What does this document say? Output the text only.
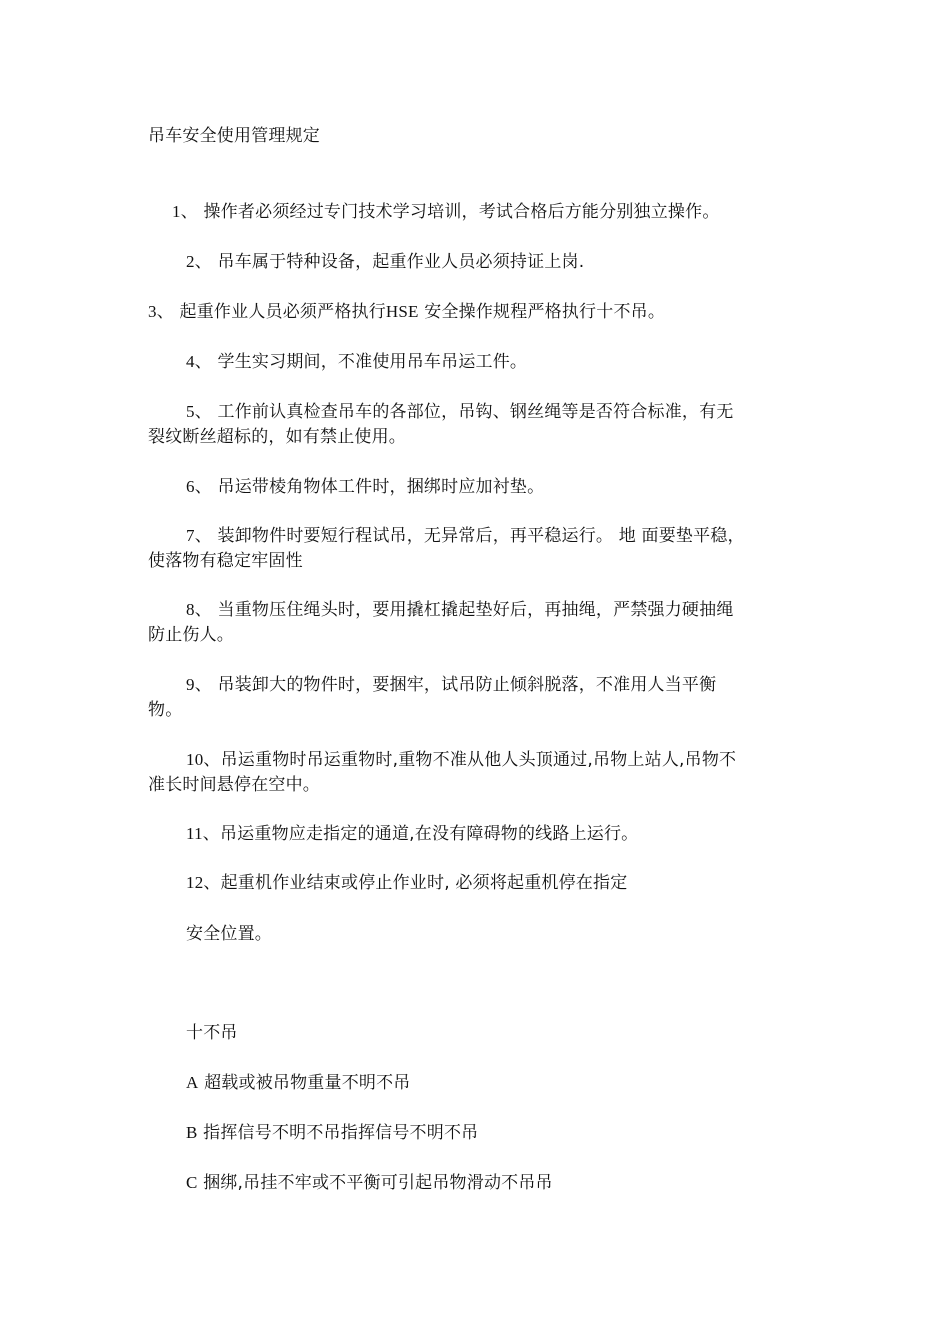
吊车安全使用管理规定
1、 操作者必须经过专门技术学习培训，考试合格后方能分别独立操作。
2、 吊车属于特种设备，起重作业人员必须持证上岗.
3、 起重作业人员必须严格执行HSE 安全操作规程严格执行十不吊。
4、 学生实习期间，不准使用吊车吊运工件。
5、 工作前认真检查吊车的各部位，吊钩、钢丝绳等是否符合标准，有无
裂纹断丝超标的，如有禁止使用。
6、 吊运带棱角物体工件时，捆绑时应加衬垫。
7、 装卸物件时要短行程试吊，无异常后，再平稳运行。 地 面要垫平稳，
使落物有稳定牢固性
8、 当重物压住绳头时，要用撬杠撬起垫好后，再抽绳，严禁强力硬抽绳
防止伤人。
9、 吊装卸大的物件时，要捆牢，试吊防止倾斜脱落，不准用人当平衡
物。
10、吊运重物时吊运重物时,重物不准从他人头顶通过,吊物上站人,吊物不
准长时间悬停在空中。
11、吊运重物应走指定的通道,在没有障碍物的线路上运行。
12、起重机作业结束或停止作业时, 必须将起重机停在指定
安全位置。
十不吊
A 超载或被吊物重量不明不吊
B 指挥信号不明不吊指挥信号不明不吊
C 捆绑,吊挂不牢或不平衡可引起吊物滑动不吊吊
